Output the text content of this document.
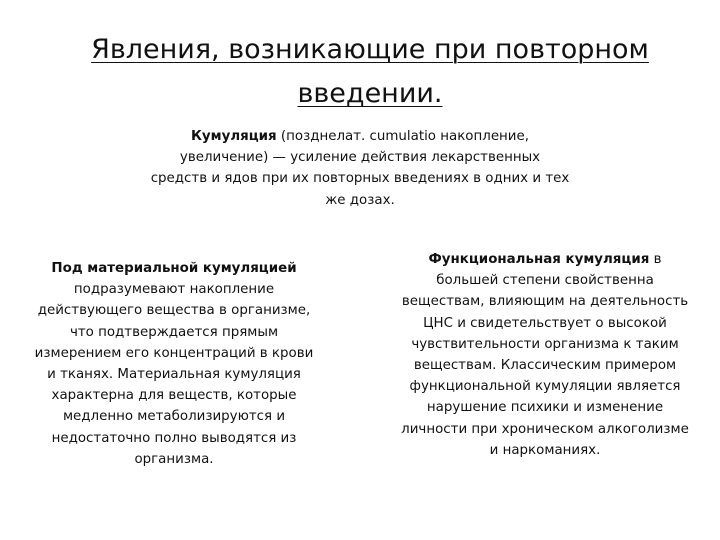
Явления, возникающие при повторном
введении.

Кумуляция (позднелат. cumulatio накопление, увеличение) — усиление действия лекарственных средств и ядов при их повторных введениях в одних и тех же дозах.

Под материальной кумуляцией подразумевают накопление действующего вещества в организме, что подтверждается прямым измерением его концентраций в крови и тканях. Материальная кумуляция характерна для веществ, которые медленно метаболизируются и недостаточно полно выводятся из организма.

Функциональная кумуляция в большей степени свойственна веществам, влияющим на деятельность ЦНС и свидетельствует о высокой чувствительности организма к таким веществам. Классическим примером функциональной кумуляции является нарушение психики и изменение личности при хроническом алкоголизме и наркоманиях.
